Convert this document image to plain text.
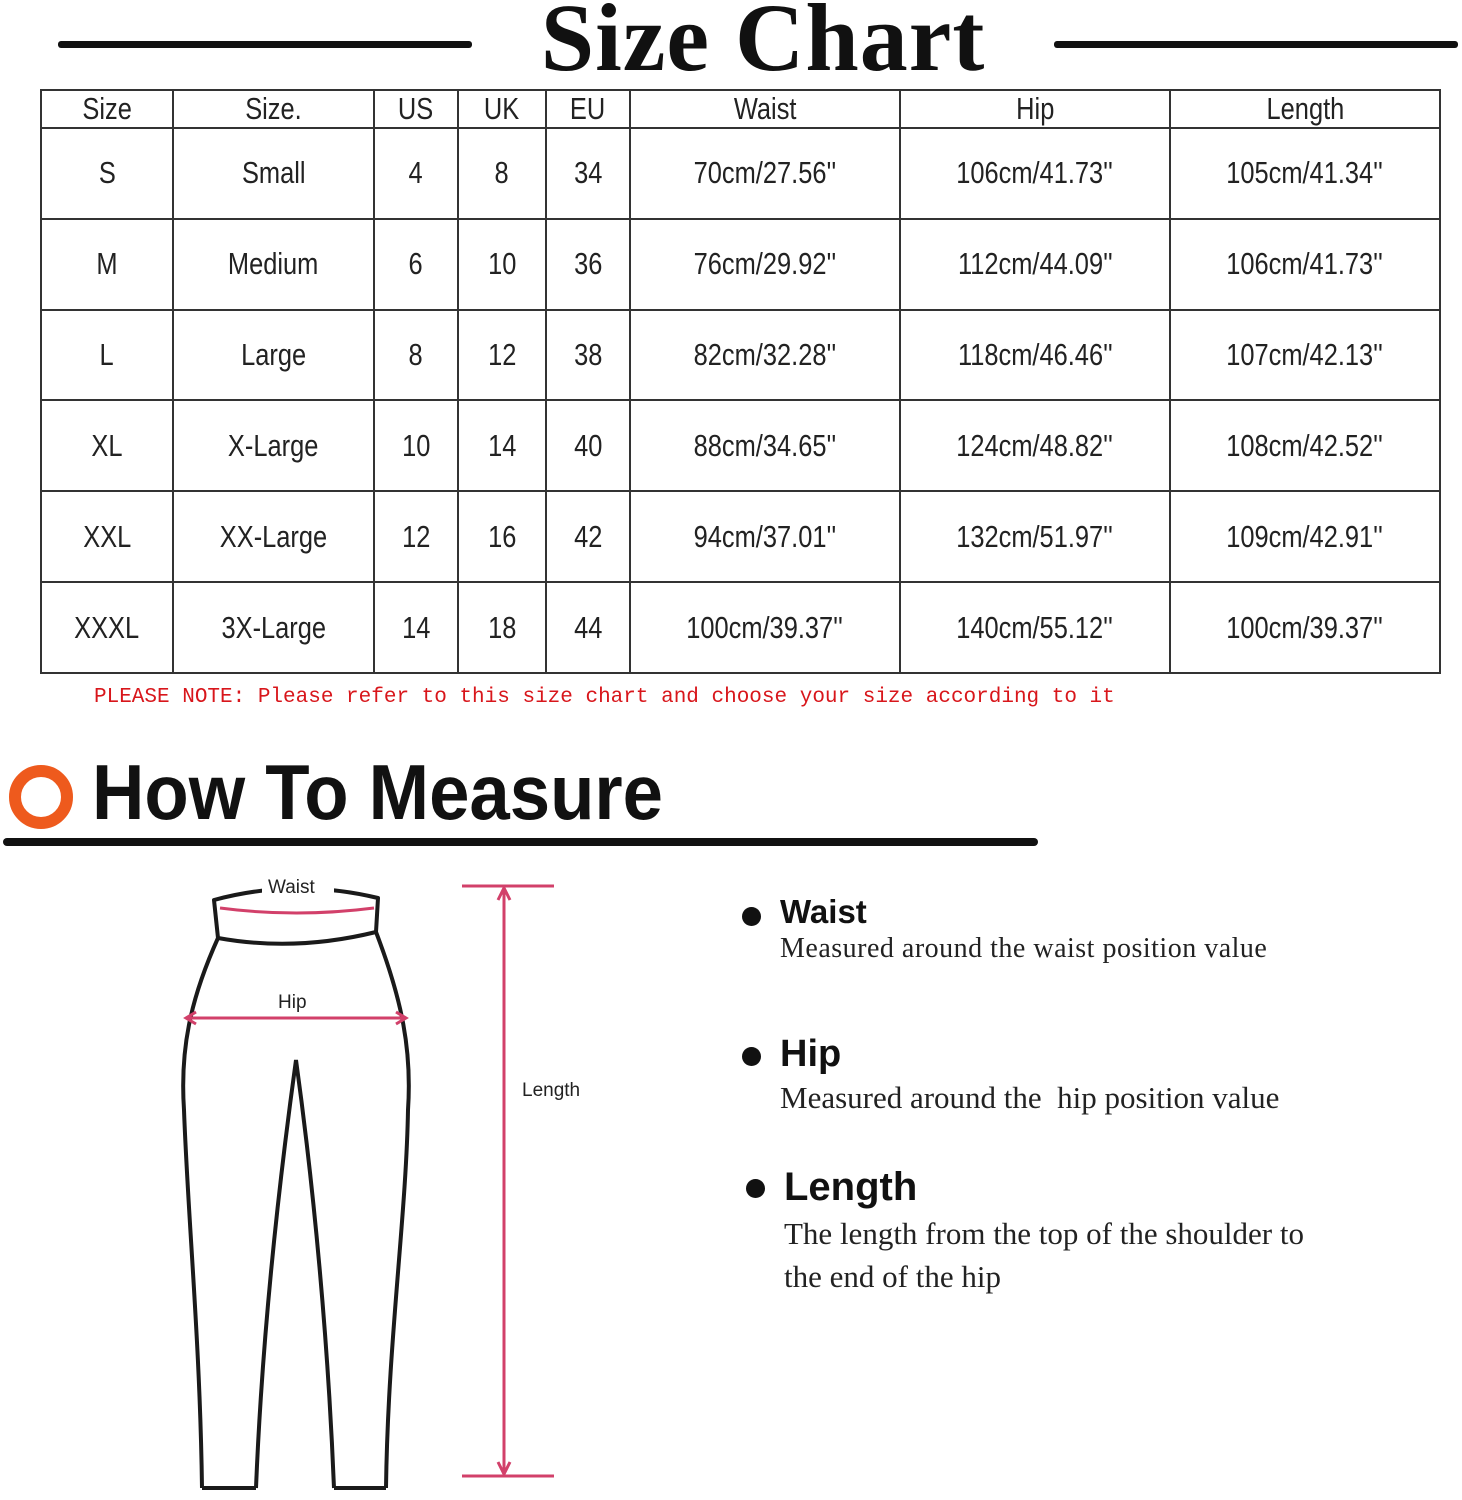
Size Chart
Size	Size.	US	UK	EU	Waist	Hip	Length
S	Small	4	8	34	70cm/27.56''	106cm/41.73''	105cm/41.34''
M	Medium	6	10	36	76cm/29.92''	112cm/44.09''	106cm/41.73''
L	Large	8	12	38	82cm/32.28''	118cm/46.46''	107cm/42.13''
XL	X-Large	10	14	40	88cm/34.65''	124cm/48.82''	108cm/42.52''
XXL	XX-Large	12	16	42	94cm/37.01''	132cm/51.97''	109cm/42.91''
XXXL	3X-Large	14	18	44	100cm/39.37''	140cm/55.12''	100cm/39.37''
PLEASE NOTE: Please refer to this size chart and choose your size according to it
How To Measure
Waist
Hip
Length
Waist
Measured around the waist position value
Hip
Measured around the  hip position value
Length
The length from the top of the shoulder to
the end of the hip
